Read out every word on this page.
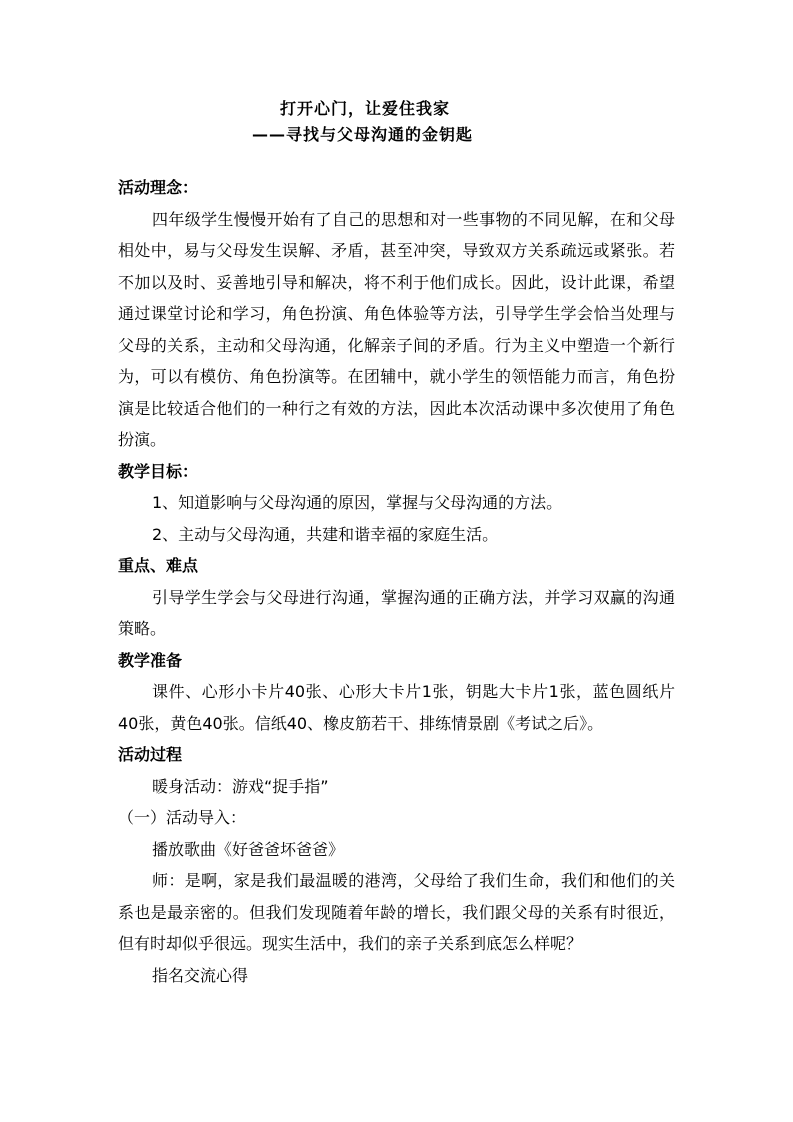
打开心门，让爱住我家
——寻找与父母沟通的金钥匙

活动理念：

四年级学生慢慢开始有了自己的思想和对一些事物的不同见解，在和父母相处中，易与父母发生误解、矛盾，甚至冲突，导致双方关系疏远或紧张。若不加以及时、妥善地引导和解决，将不利于他们成长。因此，设计此课，希望通过课堂讨论和学习，角色扮演、角色体验等方法，引导学生学会恰当处理与父母的关系，主动和父母沟通，化解亲子间的矛盾。行为主义中塑造一个新行为，可以有模仿、角色扮演等。在团辅中，就小学生的领悟能力而言，角色扮演是比较适合他们的一种行之有效的方法，因此本次活动课中多次使用了角色扮演。

教学目标：

1、知道影响与父母沟通的原因，掌握与父母沟通的方法。

2、主动与父母沟通，共建和谐幸福的家庭生活。

重点、难点

引导学生学会与父母进行沟通，掌握沟通的正确方法，并学习双赢的沟通策略。

教学准备

课件、心形小卡片40张、心形大卡片1张，钥匙大卡片1张，蓝色圆纸片40张，黄色40张。信纸40、橡皮筋若干、排练情景剧《考试之后》。

活动过程

暖身活动：游戏“捉手指”

（一）活动导入：

播放歌曲《好爸爸坏爸爸》

师：是啊，家是我们最温暖的港湾，父母给了我们生命，我们和他们的关系也是最亲密的。但我们发现随着年龄的增长，我们跟父母的关系有时很近，但有时却似乎很远。现实生活中，我们的亲子关系到底怎么样呢？

指名交流心得
